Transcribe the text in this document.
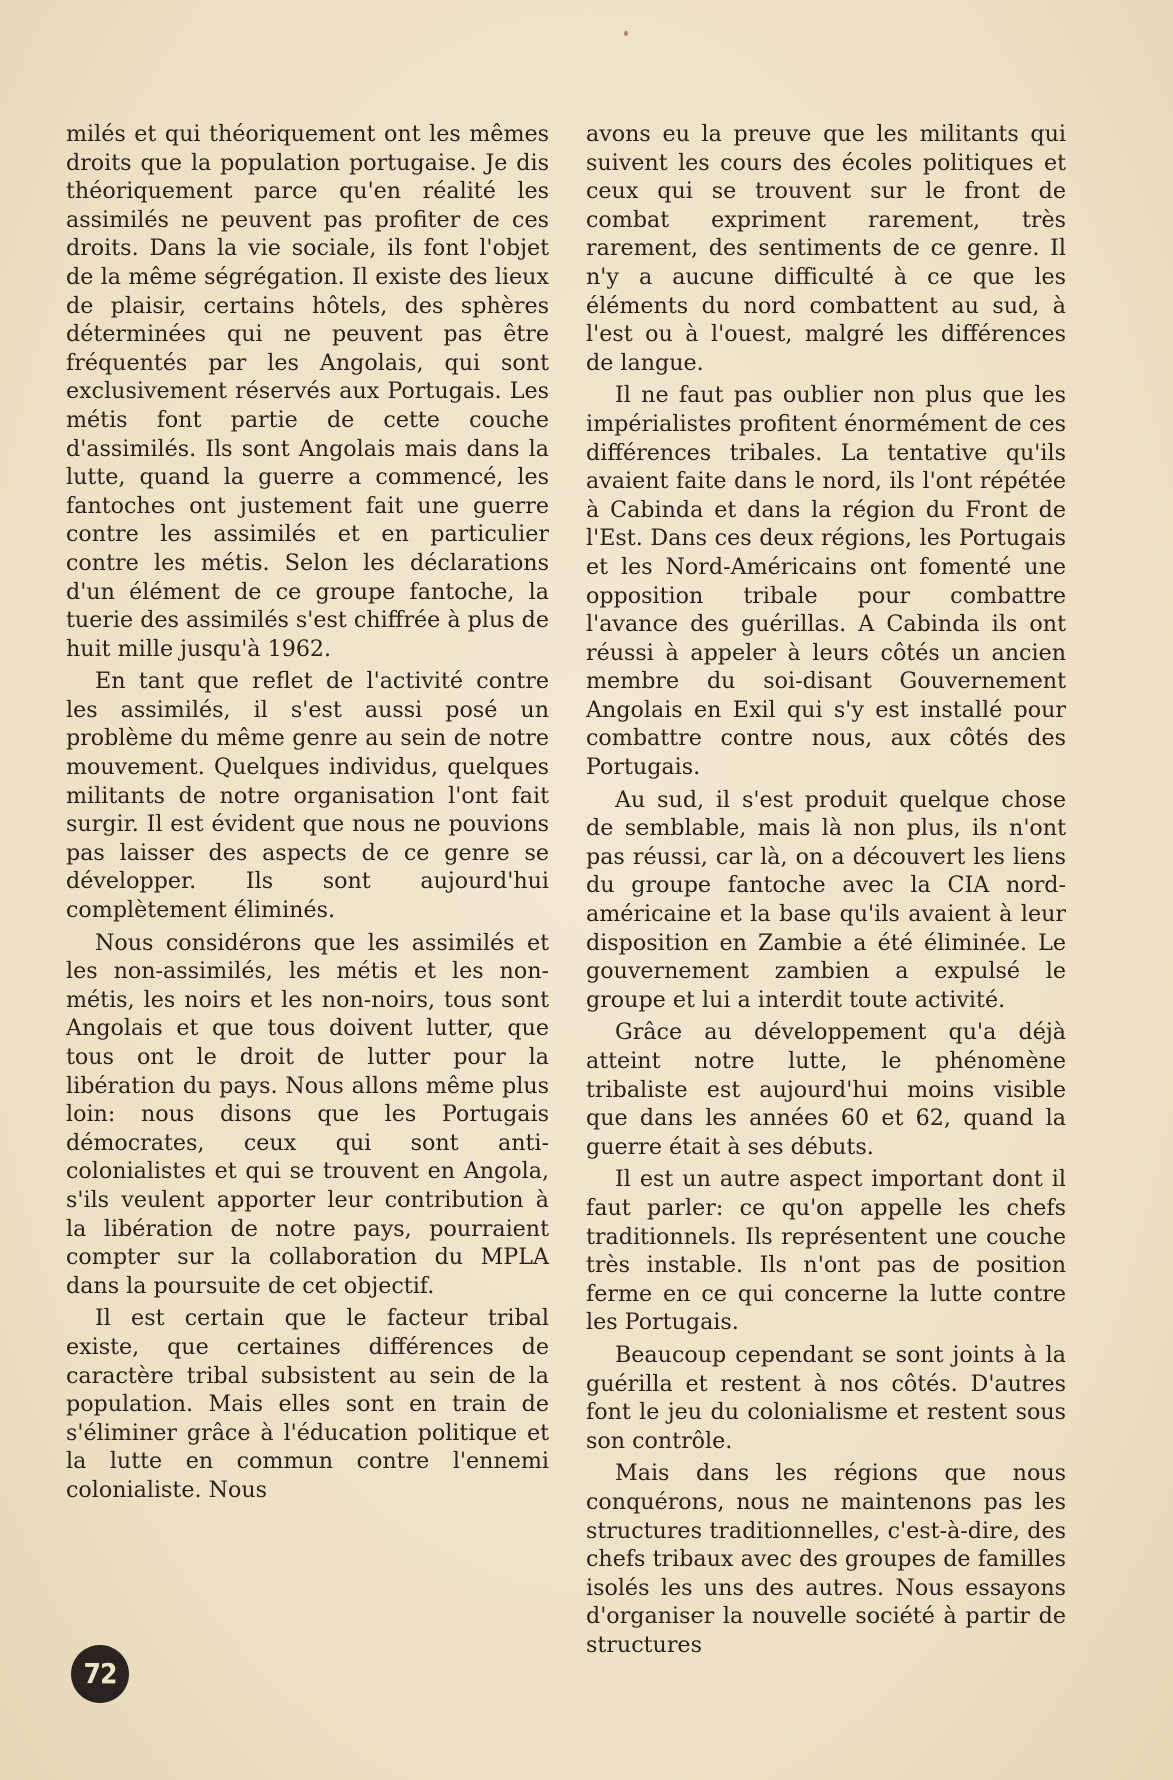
milés et qui théoriquement ont les mêmes droits que la population portugaise. Je dis théoriquement parce qu'en réalité les assimilés ne peuvent pas profiter de ces droits. Dans la vie sociale, ils font l'objet de la même ségrégation. Il existe des lieux de plaisir, certains hôtels, des sphères déterminées qui ne peuvent pas être fréquentés par les Angolais, qui sont exclusivement réservés aux Portugais. Les métis font partie de cette couche d'assimilés. Ils sont Angolais mais dans la lutte, quand la guerre a commencé, les fantoches ont justement fait une guerre contre les assimilés et en particulier contre les métis. Selon les déclarations d'un élément de ce groupe fantoche, la tuerie des assimilés s'est chiffrée à plus de huit mille jusqu'à 1962.

En tant que reflet de l'activité contre les assimilés, il s'est aussi posé un problème du même genre au sein de notre mouvement. Quelques individus, quelques militants de notre organisation l'ont fait surgir. Il est évident que nous ne pouvions pas laisser des aspects de ce genre se développer. Ils sont aujourd'hui complètement éliminés.

Nous considérons que les assimilés et les non-assimilés, les métis et les non-métis, les noirs et les non-noirs, tous sont Angolais et que tous doivent lutter, que tous ont le droit de lutter pour la libération du pays. Nous allons même plus loin: nous disons que les Portugais démocrates, ceux qui sont anti-colonialistes et qui se trouvent en Angola, s'ils veulent apporter leur contribution à la libération de notre pays, pourraient compter sur la collaboration du MPLA dans la poursuite de cet objectif.

Il est certain que le facteur tribal existe, que certaines différences de caractère tribal subsistent au sein de la population. Mais elles sont en train de s'éliminer grâce à l'éducation politique et la lutte en commun contre l'ennemi colonialiste. Nous

avons eu la preuve que les militants qui suivent les cours des écoles politiques et ceux qui se trouvent sur le front de combat expriment rarement, très rarement, des sentiments de ce genre. Il n'y a aucune difficulté à ce que les éléments du nord combattent au sud, à l'est ou à l'ouest, malgré les différences de langue.

Il ne faut pas oublier non plus que les impérialistes profitent énormément de ces différences tribales. La tentative qu'ils avaient faite dans le nord, ils l'ont répétée à Cabinda et dans la région du Front de l'Est. Dans ces deux régions, les Portugais et les Nord-Américains ont fomenté une opposition tribale pour combattre l'avance des guérillas. A Cabinda ils ont réussi à appeler à leurs côtés un ancien membre du soi-disant Gouvernement Angolais en Exil qui s'y est installé pour combattre contre nous, aux côtés des Portugais.

Au sud, il s'est produit quelque chose de semblable, mais là non plus, ils n'ont pas réussi, car là, on a découvert les liens du groupe fantoche avec la CIA nord-américaine et la base qu'ils avaient à leur disposition en Zambie a été éliminée. Le gouvernement zambien a expulsé le groupe et lui a interdit toute activité.

Grâce au développement qu'a déjà atteint notre lutte, le phénomène tribaliste est aujourd'hui moins visible que dans les années 60 et 62, quand la guerre était à ses débuts.

Il est un autre aspect important dont il faut parler: ce qu'on appelle les chefs traditionnels. Ils représentent une couche très instable. Ils n'ont pas de position ferme en ce qui concerne la lutte contre les Portugais.

Beaucoup cependant se sont joints à la guérilla et restent à nos côtés. D'autres font le jeu du colonialisme et restent sous son contrôle.

Mais dans les régions que nous conquérons, nous ne maintenons pas les structures traditionnelles, c'est-à-dire, des chefs tribaux avec des groupes de familles isolés les uns des autres. Nous essayons d'organiser la nouvelle société à partir de structures

72
